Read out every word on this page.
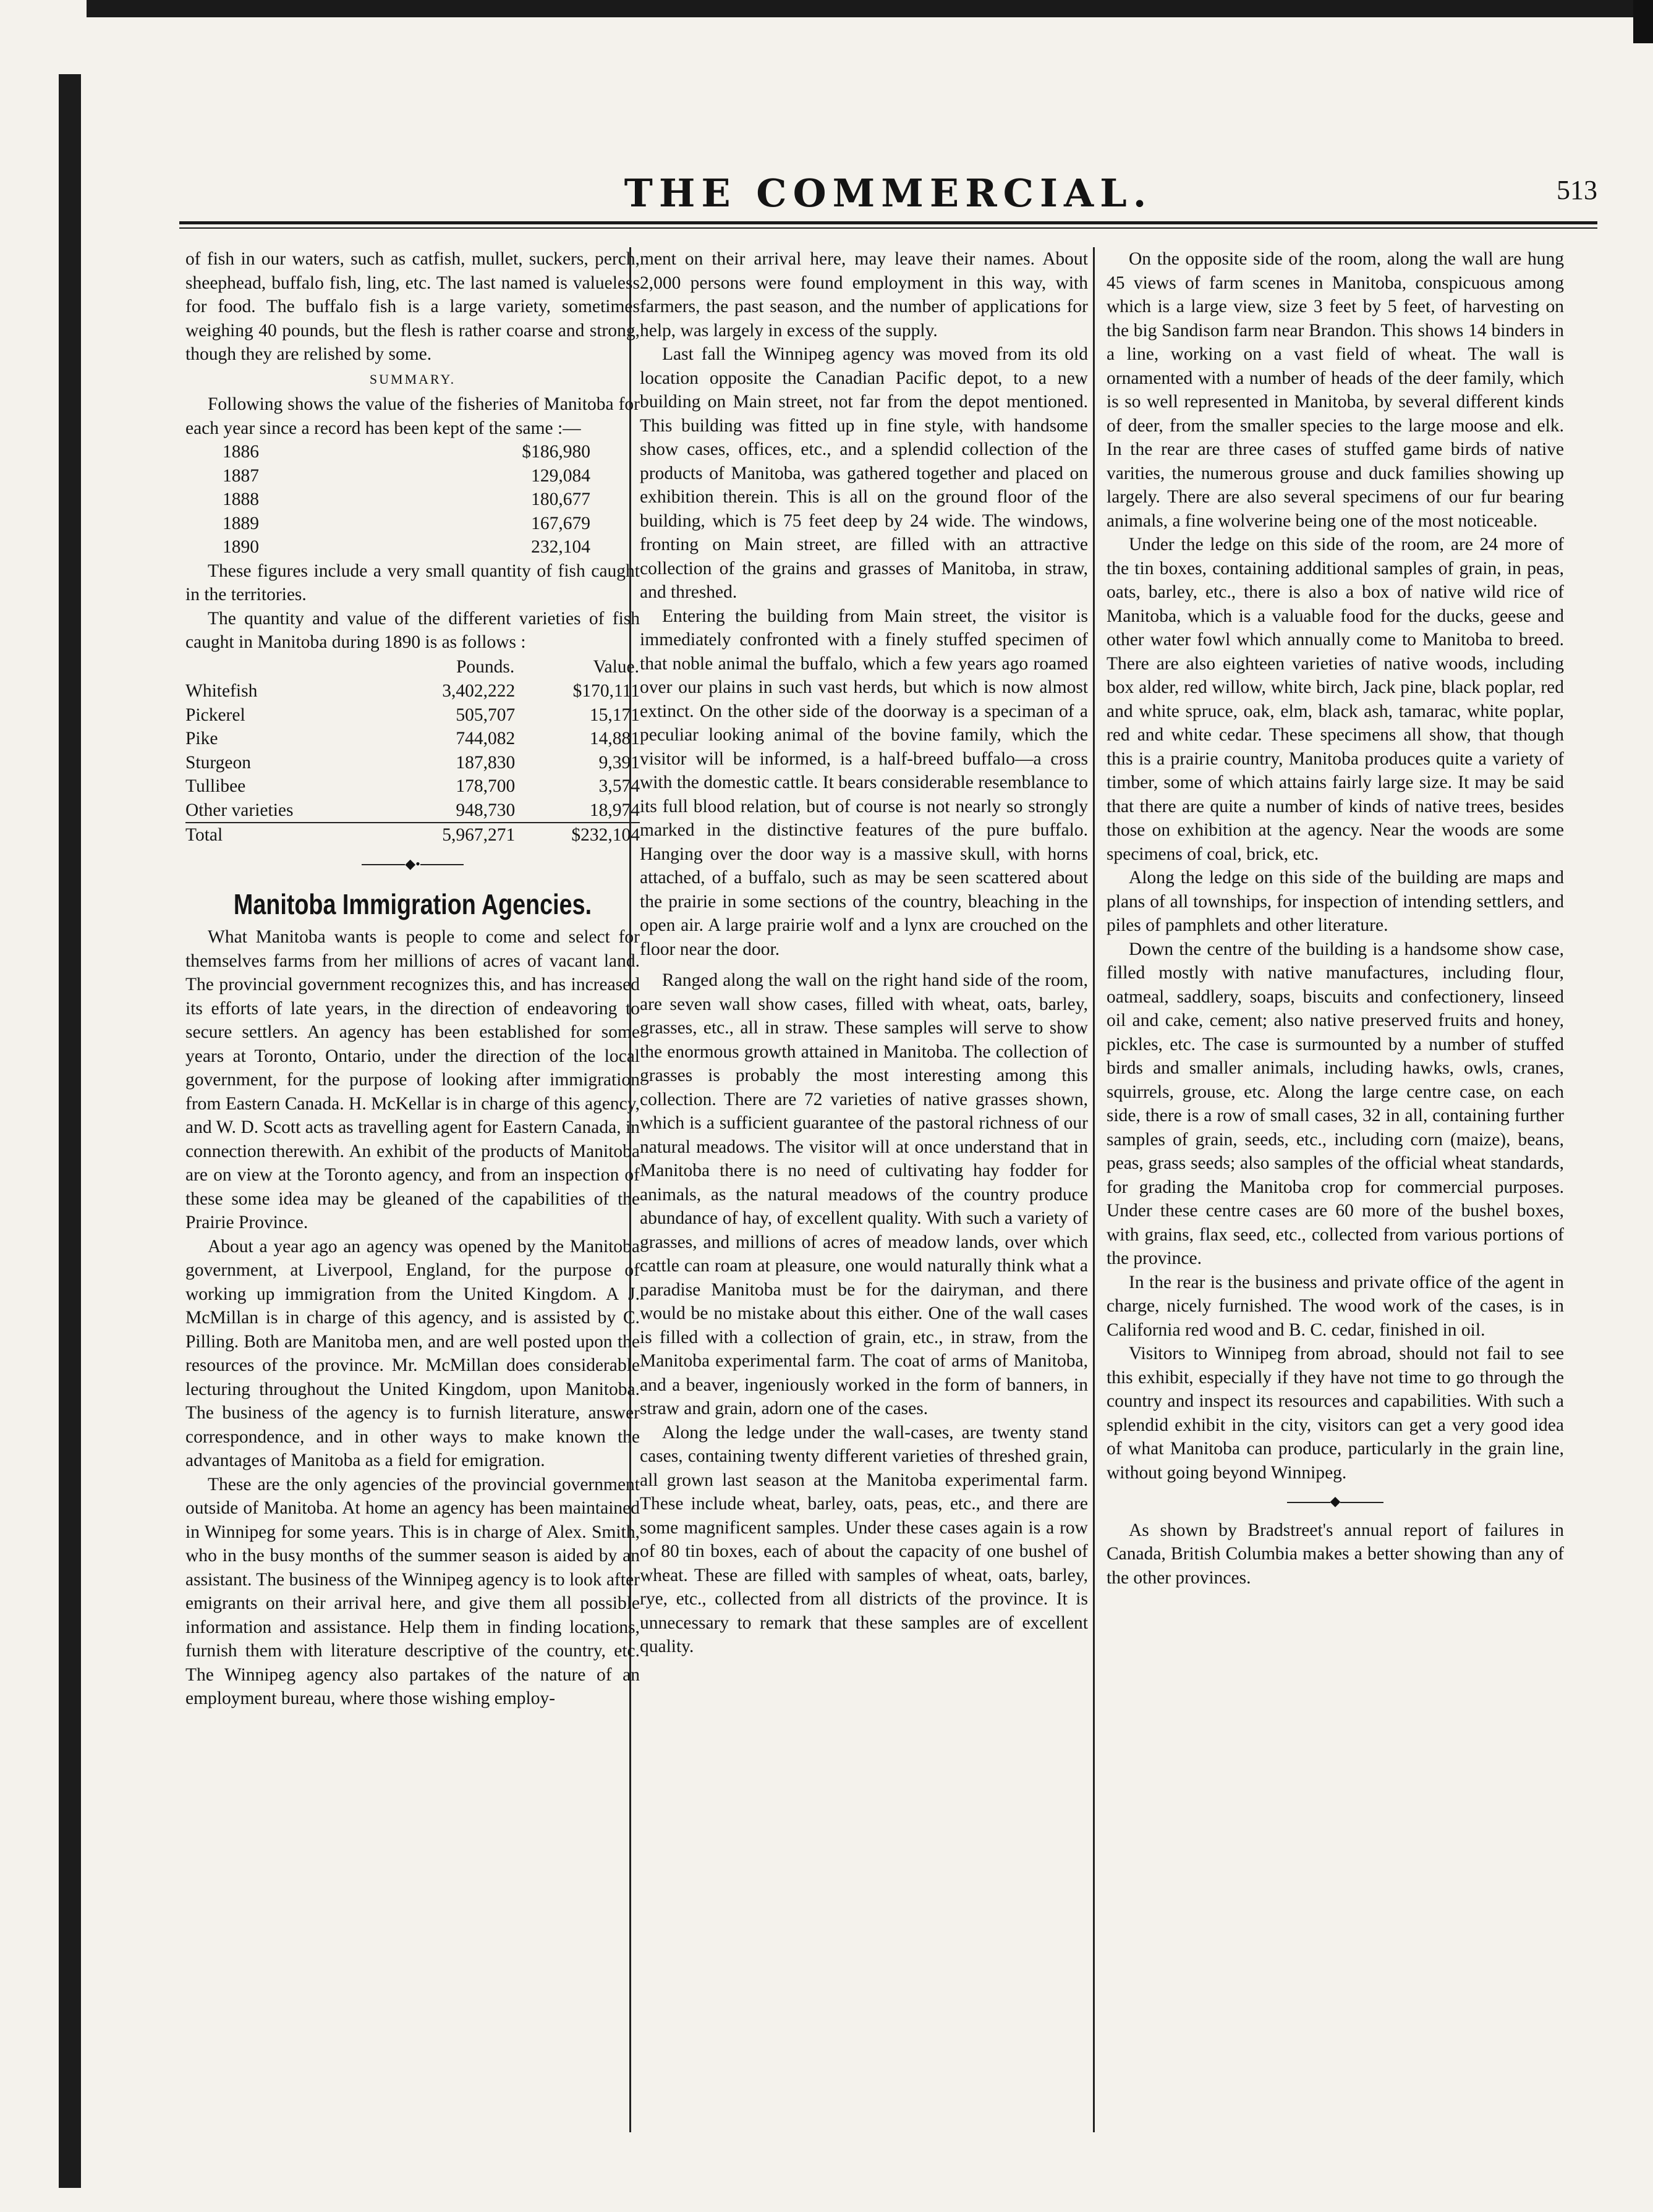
THE COMMERCIAL.	513

of fish in our waters, such as catfish, mullet, suckers, perch, sheephead, buffalo fish, ling, etc. The last named is valueless for food. The buffalo fish is a large variety, sometimes weighing 40 pounds, but the flesh is rather coarse and strong, though they are relished by some.

SUMMARY.

Following shows the value of the fisheries of Manitoba for each year since a record has been kept of the same :—

1886	$186,980
1887	129,084
1888	180,677
1889	167,679
1890	232,104

These figures include a very small quantity of fish caught in the territories.

The quantity and value of the different varieties of fish caught in Manitoba during 1890 is as follows :

	Pounds.	Value.
Whitefish	3,402,222	$170,111
Pickerel	505,707	15,171
Pike	744,082	14,881
Sturgeon	187,830	9,391
Tullibee	178,700	3,574
Other varieties	948,730	18,974
Total	5,967,271	$232,104
◆•
Manitoba Immigration Agencies.

What Manitoba wants is people to come and select for themselves farms from her millions of acres of vacant land. The provincial government recognizes this, and has increased its efforts of late years, in the direction of endeavoring to secure settlers. An agency has been established for some years at Toronto, Ontario, under the direction of the local government, for the purpose of looking after immigration from Eastern Canada. H. McKellar is in charge of this agency, and W. D. Scott acts as travelling agent for Eastern Canada, in connection therewith. An exhibit of the products of Manitoba are on view at the Toronto agency, and from an inspection of these some idea may be gleaned of the capabilities of the Prairie Province.

About a year ago an agency was opened by the Manitoba government, at Liverpool, England, for the purpose of working up immigration from the United Kingdom. A J. McMillan is in charge of this agency, and is assisted by C. Pilling. Both are Manitoba men, and are well posted upon the resources of the province. Mr. McMillan does considerable lecturing throughout the United Kingdom, upon Manitoba. The business of the agency is to furnish literature, answer correspondence, and in other ways to make known the advantages of Manitoba as a field for emigration.

These are the only agencies of the provincial government outside of Manitoba. At home an agency has been maintained in Winnipeg for some years. This is in charge of Alex. Smith, who in the busy months of the summer season is aided by an assistant. The business of the Winnipeg agency is to look after emigrants on their arrival here, and give them all possible information and assistance. Help them in finding locations, furnish them with literature descriptive of the country, etc. The Winnipeg agency also partakes of the nature of an employment bureau, where those wishing employ-

ment on their arrival here, may leave their names. About 2,000 persons were found employment in this way, with farmers, the past season, and the number of applications for help, was largely in excess of the supply.

Last fall the Winnipeg agency was moved from its old location opposite the Canadian Pacific depot, to a new building on Main street, not far from the depot mentioned. This building was fitted up in fine style, with handsome show cases, offices, etc., and a splendid collection of the products of Manitoba, was gathered together and placed on exhibition therein. This is all on the ground floor of the building, which is 75 feet deep by 24 wide. The windows, fronting on Main street, are filled with an attractive collection of the grains and grasses of Manitoba, in straw, and threshed.

Entering the building from Main street, the visitor is immediately confronted with a finely stuffed specimen of that noble animal the buffalo, which a few years ago roamed over our plains in such vast herds, but which is now almost extinct. On the other side of the doorway is a speciman of a peculiar looking animal of the bovine family, which the visitor will be informed, is a half-breed buffalo—a cross with the domestic cattle. It bears considerable resemblance to its full blood relation, but of course is not nearly so strongly marked in the distinctive features of the pure buffalo. Hanging over the door way is a massive skull, with horns attached, of a buffalo, such as may be seen scattered about the prairie in some sections of the country, bleaching in the open air. A large prairie wolf and a lynx are crouched on the floor near the door.

Ranged along the wall on the right hand side of the room, are seven wall show cases, filled with wheat, oats, barley, grasses, etc., all in straw. These samples will serve to show the enormous growth attained in Manitoba. The collection of grasses is probably the most interesting among this collection. There are 72 varieties of native grasses shown, which is a sufficient guarantee of the pastoral richness of our natural meadows. The visitor will at once understand that in Manitoba there is no need of cultivating hay fodder for animals, as the natural meadows of the country produce abundance of hay, of excellent quality. With such a variety of grasses, and millions of acres of meadow lands, over which cattle can roam at pleasure, one would naturally think what a paradise Manitoba must be for the dairyman, and there would be no mistake about this either. One of the wall cases is filled with a collection of grain, etc., in straw, from the Manitoba experimental farm. The coat of arms of Manitoba, and a beaver, ingeniously worked in the form of banners, in straw and grain, adorn one of the cases.

Along the ledge under the wall-cases, are twenty stand cases, containing twenty different varieties of threshed grain, all grown last season at the Manitoba experimental farm. These include wheat, barley, oats, peas, etc., and there are some magnificent samples. Under these cases again is a row of 80 tin boxes, each of about the capacity of one bushel of wheat. These are filled with samples of wheat, oats, barley, rye, etc., collected from all districts of the province. It is unnecessary to remark that these samples are of excellent quality.

On the opposite side of the room, along the wall are hung 45 views of farm scenes in Manitoba, conspicuous among which is a large view, size 3 feet by 5 feet, of harvesting on the big Sandison farm near Brandon. This shows 14 binders in a line, working on a vast field of wheat. The wall is ornamented with a number of heads of the deer family, which is so well represented in Manitoba, by several different kinds of deer, from the smaller species to the large moose and elk. In the rear are three cases of stuffed game birds of native varities, the numerous grouse and duck families showing up largely. There are also several specimens of our fur bearing animals, a fine wolverine being one of the most noticeable.

Under the ledge on this side of the room, are 24 more of the tin boxes, containing additional samples of grain, in peas, oats, barley, etc., there is also a box of native wild rice of Manitoba, which is a valuable food for the ducks, geese and other water fowl which annually come to Manitoba to breed. There are also eighteen varieties of native woods, including box alder, red willow, white birch, Jack pine, black poplar, red and white spruce, oak, elm, black ash, tamarac, white poplar, red and white cedar. These specimens all show, that though this is a prairie country, Manitoba produces quite a variety of timber, some of which attains fairly large size. It may be said that there are quite a number of kinds of native trees, besides those on exhibition at the agency. Near the woods are some specimens of coal, brick, etc.

Along the ledge on this side of the building are maps and plans of all townships, for inspection of intending settlers, and piles of pamphlets and other literature.

Down the centre of the building is a handsome show case, filled mostly with native manufactures, including flour, oatmeal, saddlery, soaps, biscuits and confectionery, linseed oil and cake, cement; also native preserved fruits and honey, pickles, etc. The case is surmounted by a number of stuffed birds and smaller animals, including hawks, owls, cranes, squirrels, grouse, etc. Along the large centre case, on each side, there is a row of small cases, 32 in all, containing further samples of grain, seeds, etc., including corn (maize), beans, peas, grass seeds; also samples of the official wheat standards, for grading the Manitoba crop for commercial purposes. Under these centre cases are 60 more of the bushel boxes, with grains, flax seed, etc., collected from various portions of the province.

In the rear is the business and private office of the agent in charge, nicely furnished. The wood work of the cases, is in California red wood and B. C. cedar, finished in oil.

Visitors to Winnipeg from abroad, should not fail to see this exhibit, especially if they have not time to go through the country and inspect its resources and capabilities. With such a splendid exhibit in the city, visitors can get a very good idea of what Manitoba can produce, particularly in the grain line, without going beyond Winnipeg.

◆

As shown by Bradstreet's annual report of failures in Canada, British Columbia makes a better showing than any of the other provinces.
